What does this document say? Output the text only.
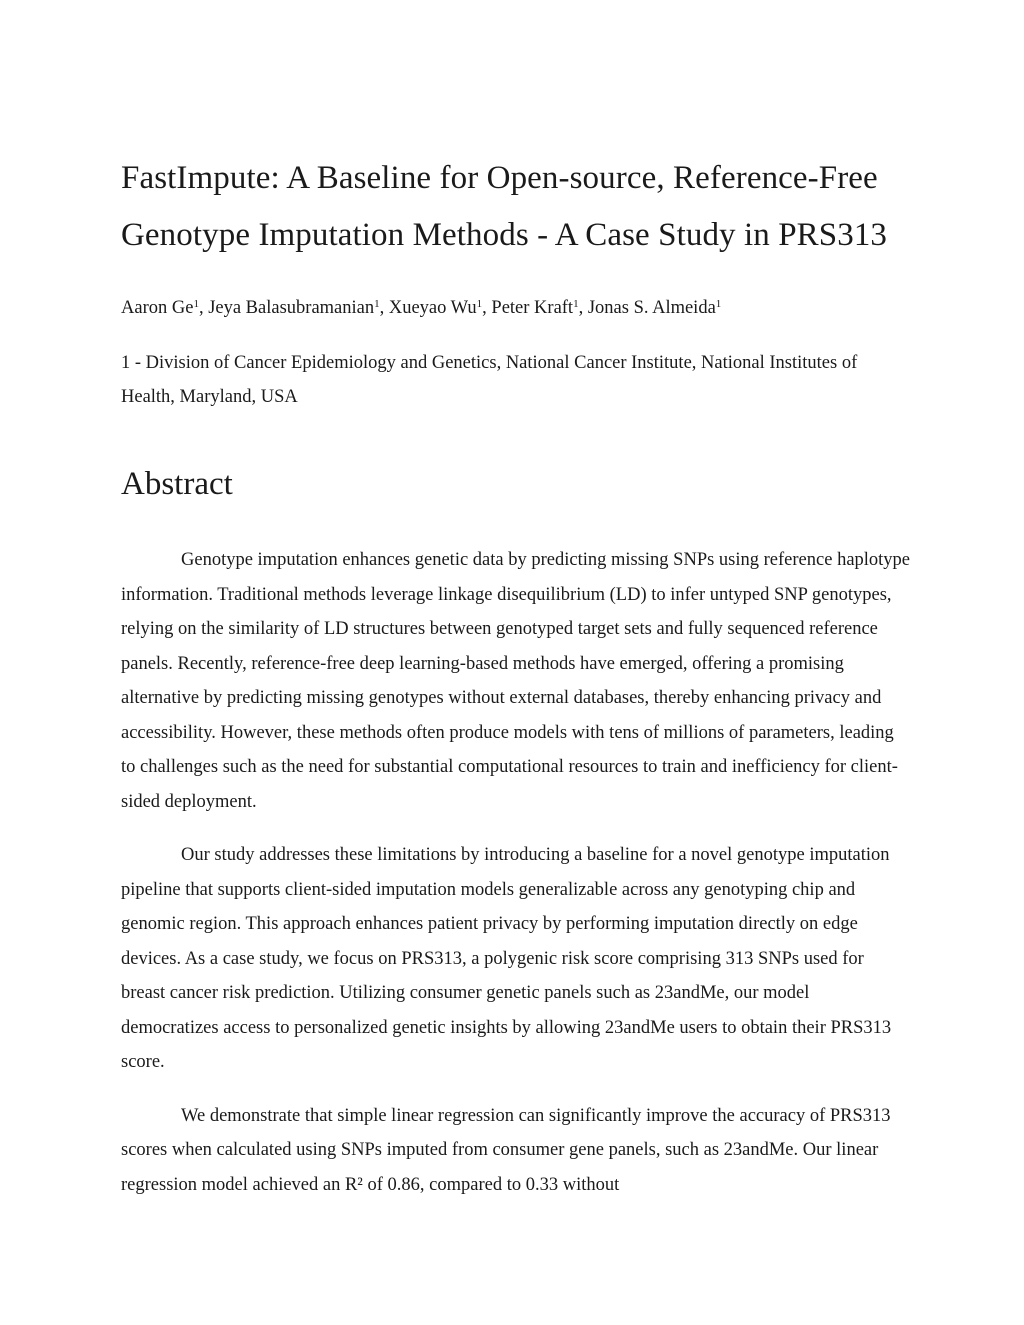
FastImpute: A Baseline for Open-source, Reference-Free
Genotype Imputation Methods - A Case Study in PRS313

Aaron Ge$^1$, Jeya Balasubramanian$^1$, Xueyao Wu$^1$, Peter Kraft$^1$, Jonas S. Almeida$^1$

1 - Division of Cancer Epidemiology and Genetics, National Cancer Institute, National Institutes of Health, Maryland, USA

Abstract

Genotype imputation enhances genetic data by predicting missing SNPs using reference haplotype information. Traditional methods leverage linkage disequilibrium (LD) to infer untyped SNP genotypes, relying on the similarity of LD structures between genotyped target sets and fully sequenced reference panels. Recently, reference-free deep learning-based methods have emerged, offering a promising alternative by predicting missing genotypes without external databases, thereby enhancing privacy and accessibility. However, these methods often produce models with tens of millions of parameters, leading to challenges such as the need for substantial computational resources to train and inefficiency for client-sided deployment.

Our study addresses these limitations by introducing a baseline for a novel genotype imputation pipeline that supports client-sided imputation models generalizable across any genotyping chip and genomic region. This approach enhances patient privacy by performing imputation directly on edge devices. As a case study, we focus on PRS313, a polygenic risk score comprising 313 SNPs used for breast cancer risk prediction. Utilizing consumer genetic panels such as 23andMe, our model democratizes access to personalized genetic insights by allowing 23andMe users to obtain their PRS313 score.

We demonstrate that simple linear regression can significantly improve the accuracy of PRS313 scores when calculated using SNPs imputed from consumer gene panels, such as 23andMe. Our linear regression model achieved an R² of 0.86, compared to 0.33 without
